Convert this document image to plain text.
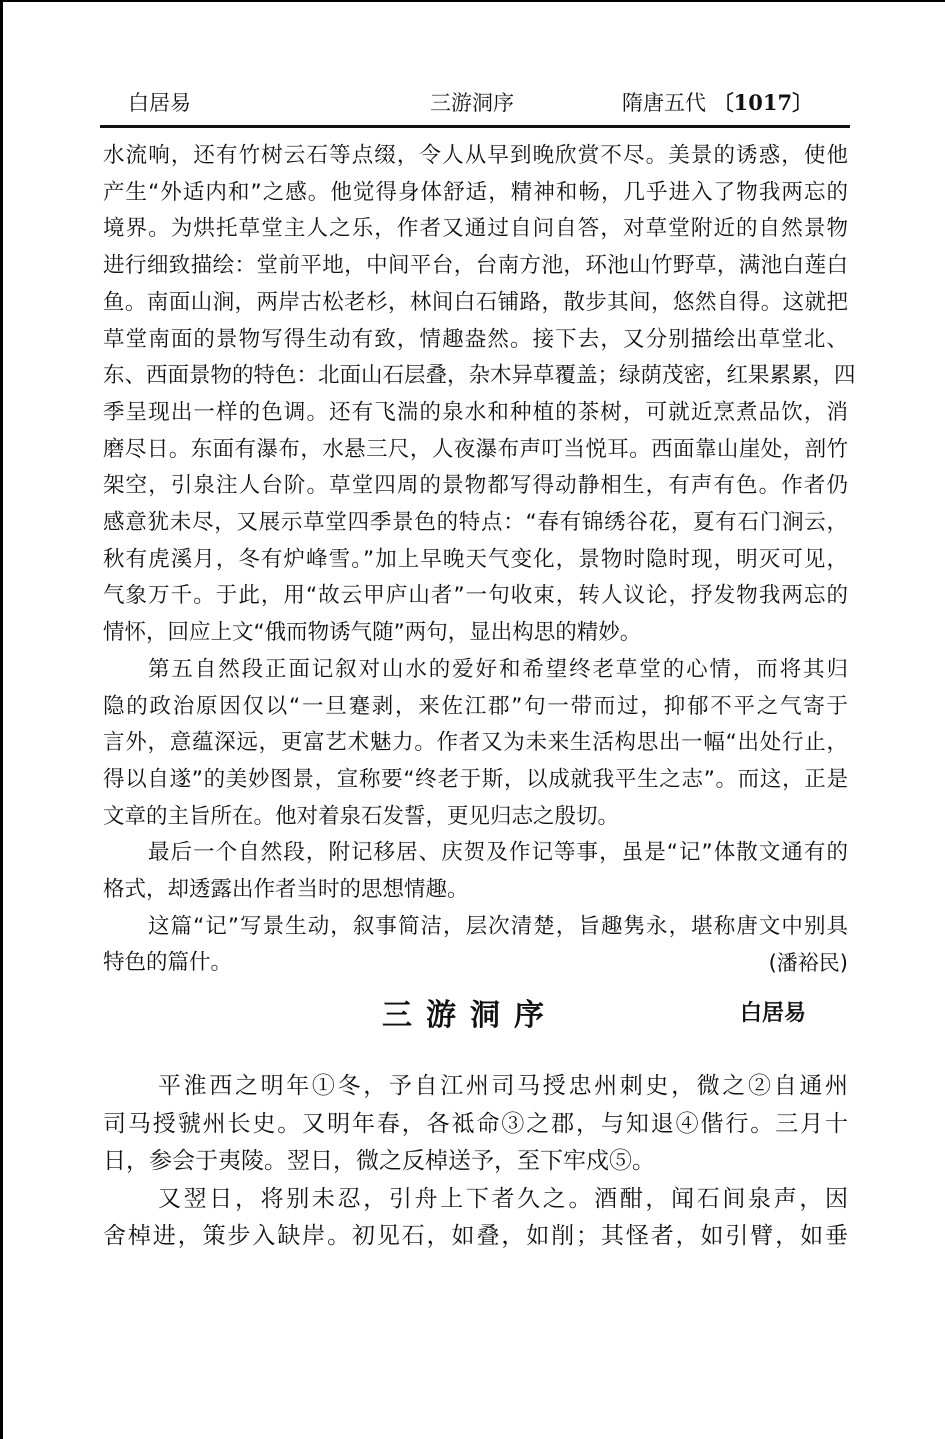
白居易	三游洞序	隋唐五代 〔1017〕
水流响，还有竹树云石等点缀，令人从早到晚欣赏不尽。美景的诱惑，使他
产生“外适内和”之感。他觉得身体舒适，精神和畅，几乎进入了物我两忘的
境界。为烘托草堂主人之乐，作者又通过自问自答，对草堂附近的自然景物
进行细致描绘：堂前平地，中间平台，台南方池，环池山竹野草，满池白莲白
鱼。南面山涧，两岸古松老杉，林间白石铺路，散步其间，悠然自得。这就把
草堂南面的景物写得生动有致，情趣盎然。接下去，又分别描绘出草堂北、
东、西面景物的特色：北面山石层叠，杂木异草覆盖；绿荫茂密，红果累累，四
季呈现出一样的色调。还有飞湍的泉水和种植的茶树，可就近烹煮品饮，消
磨尽日。东面有瀑布，水悬三尺，人夜瀑布声叮当悦耳。西面靠山崖处，剖竹
架空，引泉注人台阶。草堂四周的景物都写得动静相生，有声有色。作者仍
感意犹未尽，又展示草堂四季景色的特点：“春有锦绣谷花，夏有石门涧云，
秋有虎溪月，冬有炉峰雪。”加上早晚天气变化，景物时隐时现，明灭可见，
气象万千。于此，用“故云甲庐山者”一句收束，转人议论，抒发物我两忘的
情怀，回应上文“俄而物诱气随”两句，显出构思的精妙。
第五自然段正面记叙对山水的爱好和希望终老草堂的心情，而将其归
隐的政治原因仅以“一旦蹇剥，来佐江郡”句一带而过，抑郁不平之气寄于
言外，意蕴深远，更富艺术魅力。作者又为未来生活构思出一幅“出处行止，
得以自遂”的美妙图景，宣称要“终老于斯，以成就我平生之志”。而这，正是
文章的主旨所在。他对着泉石发誓，更见归志之殷切。
最后一个自然段，附记移居、庆贺及作记等事，虽是“记”体散文通有的
格式，却透露出作者当时的思想情趣。
这篇“记”写景生动，叙事简洁，层次清楚，旨趣隽永，堪称唐文中别具
特色的篇什。	(潘裕民)
三游洞序	白居易
平淮西之明年①冬，予自江州司马授忠州刺史，微之②自通州
司马授虢州长史。又明年春，各祗命③之郡，与知退④偕行。三月十
日，参会于夷陵。翌日，微之反棹送予，至下牢戍⑤。
又翌日，将别未忍，引舟上下者久之。酒酣，闻石间泉声，因
舍棹进，策步入缺岸。初见石，如叠，如削；其怪者，如引臂，如垂
